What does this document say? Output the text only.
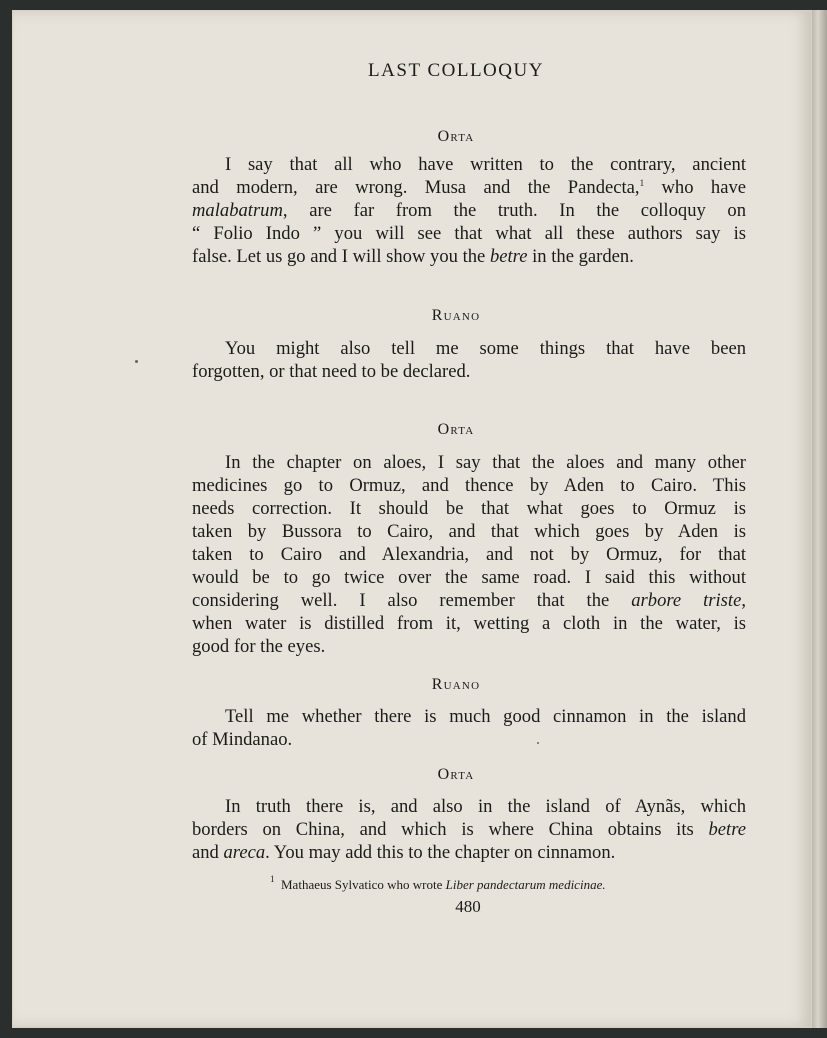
LAST COLLOQUY
Orta
I say that all who have written to the contrary, ancient
and modern, are wrong. Musa and the Pandecta,$^1$ who have
malabatrum, are far from the truth. In the colloquy on
“ Folio Indo ” you will see that what all these authors say is
false. Let us go and I will show you the betre in the garden.
Ruano
You might also tell me some things that have been
forgotten, or that need to be declared.
Orta
In the chapter on aloes, I say that the aloes and many other
medicines go to Ormuz, and thence by Aden to Cairo. This
needs correction. It should be that what goes to Ormuz is
taken by Bussora to Cairo, and that which goes by Aden is
taken to Cairo and Alexandria, and not by Ormuz, for that
would be to go twice over the same road. I said this without
considering well. I also remember that the arbore triste,
when water is distilled from it, wetting a cloth in the water, is
good for the eyes.
Ruano
Tell me whether there is much good cinnamon in the island
of Mindanao.
Orta
In truth there is, and also in the island of Aynãs, which
borders on China, and which is where China obtains its betre
and areca. You may add this to the chapter on cinnamon.
$^1$ Mathaeus Sylvatico who wrote Liber pandectarum medicinae.
480
